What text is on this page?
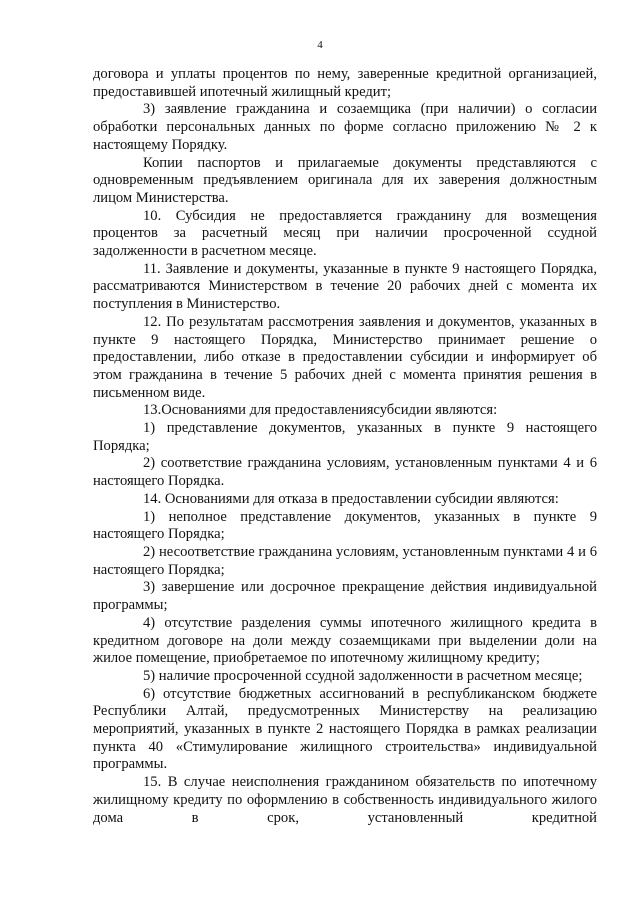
4

договора и уплаты процентов по нему, заверенные кредитной организацией, предоставившей ипотечный жилищный кредит;

3) заявление гражданина и созаемщика (при наличии) о согласии обработки персональных данных по форме согласно приложению № 2 к настоящему Порядку.

Копии паспортов и прилагаемые документы представляются с одновременным предъявлением оригинала для их заверения должностным лицом Министерства.

10. Субсидия не предоставляется гражданину для возмещения процентов за расчетный месяц при наличии просроченной ссудной задолженности в расчетном месяце.

11. Заявление и документы, указанные в пункте 9 настоящего Порядка, рассматриваются Министерством в течение 20 рабочих дней с момента их поступления в Министерство.

12. По результатам рассмотрения заявления и документов, указанных в пункте 9 настоящего Порядка, Министерство принимает решение о предоставлении, либо отказе в предоставлении субсидии и информирует об этом гражданина в течение 5 рабочих дней с момента принятия решения в письменном виде.

13.Основаниями для предоставлениясубсидии являются:

1) представление документов, указанных в пункте 9 настоящего Порядка;

2) соответствие гражданина условиям, установленным пунктами 4 и 6 настоящего Порядка.

14. Основаниями для отказа в предоставлении субсидии являются:

1) неполное представление документов, указанных в пункте 9 настоящего Порядка;

2) несоответствие гражданина условиям, установленным пунктами 4 и 6 настоящего Порядка;

3) завершение или досрочное прекращение действия индивидуальной программы;

4) отсутствие разделения суммы ипотечного жилищного кредита в кредитном договоре на доли между созаемщиками при выделении доли на жилое помещение, приобретаемое по ипотечному жилищному кредиту;

5) наличие просроченной ссудной задолженности в расчетном месяце;

6) отсутствие бюджетных ассигнований в республиканском бюджете Республики Алтай, предусмотренных Министерству на реализацию мероприятий, указанных в пункте 2 настоящего Порядка в рамках реализации пункта 40 «Стимулирование жилищного строительства» индивидуальной программы.

15. В случае неисполнения гражданином обязательств по ипотечному жилищному кредиту по оформлению в собственность индивидуального жилого дома в срок, установленный кредитной
